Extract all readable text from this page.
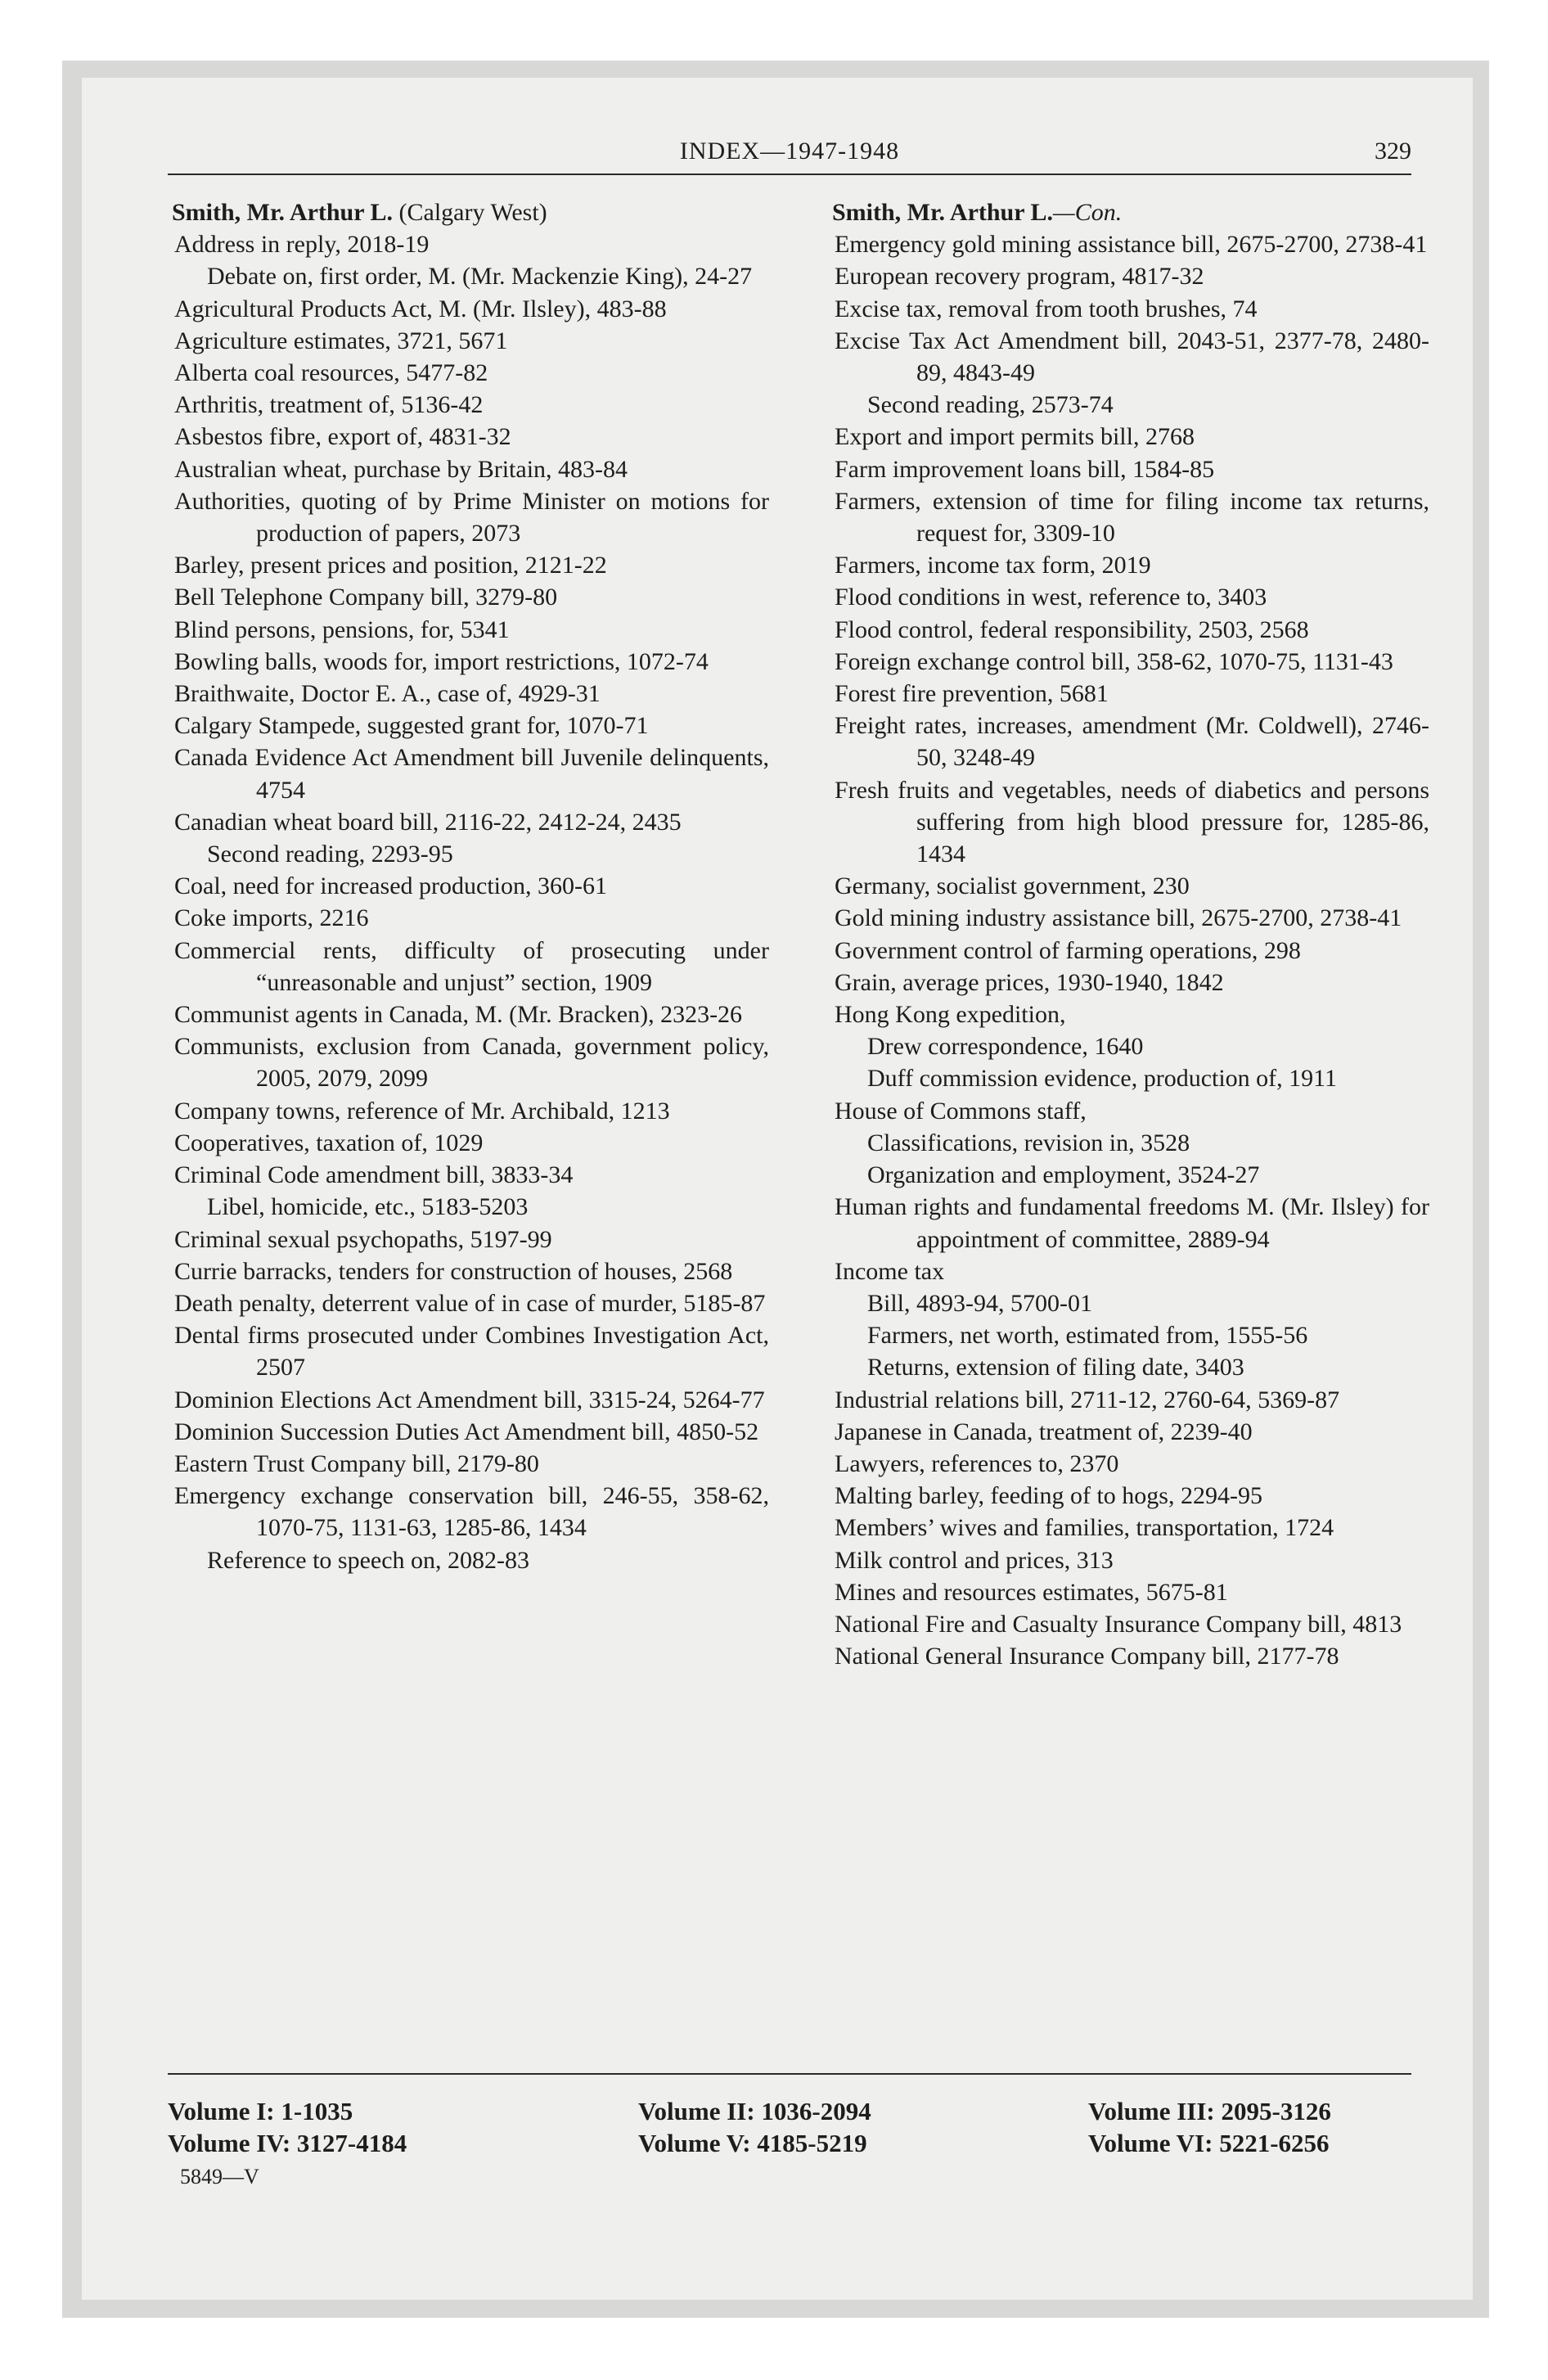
INDEX—1947-1948	329
Smith, Mr. Arthur L. (Calgary West)
Address in reply, 2018-19
Debate on, first order, M. (Mr. Mackenzie King), 24-27
Agricultural Products Act, M. (Mr. Ilsley), 483-88
Agriculture estimates, 3721, 5671
Alberta coal resources, 5477-82
Arthritis, treatment of, 5136-42
Asbestos fibre, export of, 4831-32
Australian wheat, purchase by Britain, 483-84
Authorities, quoting of by Prime Minister on motions for production of papers, 2073
Barley, present prices and position, 2121-22
Bell Telephone Company bill, 3279-80
Blind persons, pensions, for, 5341
Bowling balls, woods for, import restrictions, 1072-74
Braithwaite, Doctor E. A., case of, 4929-31
Calgary Stampede, suggested grant for, 1070-71
Canada Evidence Act Amendment bill Juvenile delinquents, 4754
Canadian wheat board bill, 2116-22, 2412-24, 2435
Second reading, 2293-95
Coal, need for increased production, 360-61
Coke imports, 2216
Commercial rents, difficulty of prosecuting under “unreasonable and unjust” section, 1909
Communist agents in Canada, M. (Mr. Bracken), 2323-26
Communists, exclusion from Canada, government policy, 2005, 2079, 2099
Company towns, reference of Mr. Archibald, 1213
Cooperatives, taxation of, 1029
Criminal Code amendment bill, 3833-34
Libel, homicide, etc., 5183-5203
Criminal sexual psychopaths, 5197-99
Currie barracks, tenders for construction of houses, 2568
Death penalty, deterrent value of in case of murder, 5185-87
Dental firms prosecuted under Combines Investigation Act, 2507
Dominion Elections Act Amendment bill, 3315-24, 5264-77
Dominion Succession Duties Act Amendment bill, 4850-52
Eastern Trust Company bill, 2179-80
Emergency exchange conservation bill, 246-55, 358-62, 1070-75, 1131-63, 1285-86, 1434
Reference to speech on, 2082-83
Smith, Mr. Arthur L.—Con.
Emergency gold mining assistance bill, 2675-2700, 2738-41
European recovery program, 4817-32
Excise tax, removal from tooth brushes, 74
Excise Tax Act Amendment bill, 2043-51, 2377-78, 2480-89, 4843-49
Second reading, 2573-74
Export and import permits bill, 2768
Farm improvement loans bill, 1584-85
Farmers, extension of time for filing income tax returns, request for, 3309-10
Farmers, income tax form, 2019
Flood conditions in west, reference to, 3403
Flood control, federal responsibility, 2503, 2568
Foreign exchange control bill, 358-62, 1070-75, 1131-43
Forest fire prevention, 5681
Freight rates, increases, amendment (Mr. Coldwell), 2746-50, 3248-49
Fresh fruits and vegetables, needs of diabetics and persons suffering from high blood pressure for, 1285-86, 1434
Germany, socialist government, 230
Gold mining industry assistance bill, 2675-2700, 2738-41
Government control of farming operations, 298
Grain, average prices, 1930-1940, 1842
Hong Kong expedition,
Drew correspondence, 1640
Duff commission evidence, production of, 1911
House of Commons staff,
Classifications, revision in, 3528
Organization and employment, 3524-27
Human rights and fundamental freedoms M. (Mr. Ilsley) for appointment of committee, 2889-94
Income tax
Bill, 4893-94, 5700-01
Farmers, net worth, estimated from, 1555-56
Returns, extension of filing date, 3403
Industrial relations bill, 2711-12, 2760-64, 5369-87
Japanese in Canada, treatment of, 2239-40
Lawyers, references to, 2370
Malting barley, feeding of to hogs, 2294-95
Members’ wives and families, transportation, 1724
Milk control and prices, 313
Mines and resources estimates, 5675-81
National Fire and Casualty Insurance Company bill, 4813
National General Insurance Company bill, 2177-78
Volume I: 1-1035	Volume II: 1036-2094	Volume III: 2095-3126
Volume IV: 3127-4184	Volume V: 4185-5219	Volume VI: 5221-6256
5849—V
